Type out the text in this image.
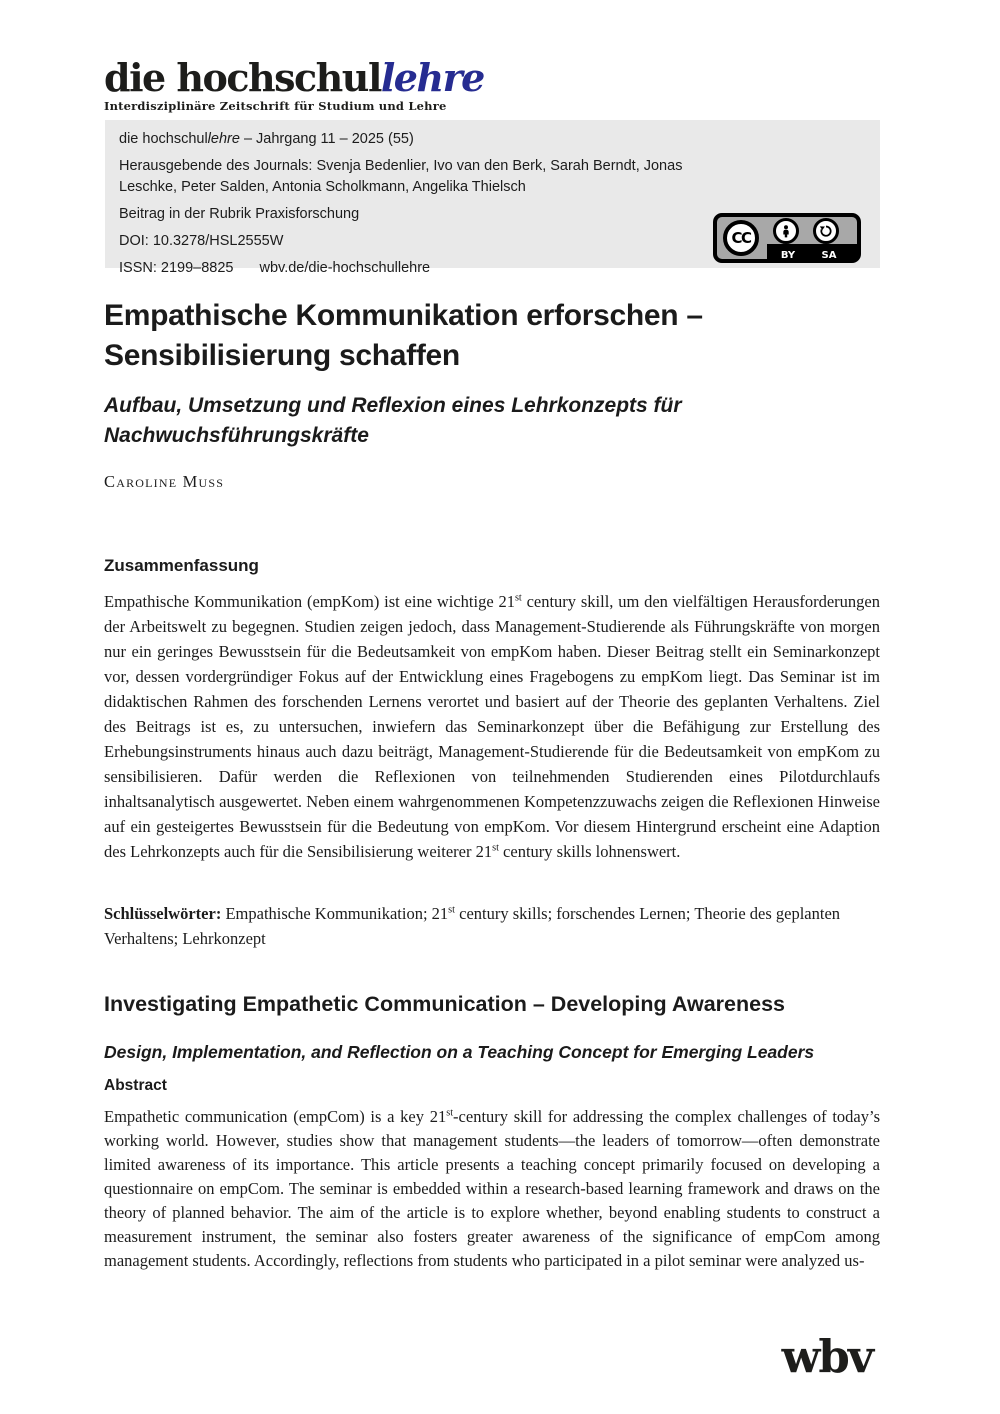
die hochschullehre
Interdisziplinäre Zeitschrift für Studium und Lehre

die hochschullehre – Jahrgang 11 – 2025 (55)

Herausgebende des Journals: Svenja Bedenlier, Ivo van den Berk, Sarah Berndt, Jonas Leschke, Peter Salden, Antonia Scholkmann, Angelika Thielsch

Beitrag in der Rubrik Praxisforschung

DOI: 10.3278/HSL2555W

ISSN: 2199–8825 wbv.de/die-hochschullehre

CC
BY	SA
Empathische Kommunikation erforschen –
Sensibilisierung schaffen
Aufbau, Umsetzung und Reflexion eines Lehrkonzepts für
Nachwuchsführungskräfte
Caroline Muss
Zusammenfassung

Empathische Kommunikation (empKom) ist eine wichtige 21st century skill, um den vielfältigen Herausforderungen der Arbeitswelt zu begegnen. Studien zeigen jedoch, dass Management-Studierende als Führungskräfte von morgen nur ein geringes Bewusstsein für die Bedeutsamkeit von empKom haben. Dieser Beitrag stellt ein Seminarkonzept vor, dessen vordergründiger Fokus auf der Entwicklung eines Fragebogens zu empKom liegt. Das Seminar ist im didaktischen Rahmen des forschenden Lernens verortet und basiert auf der Theorie des geplanten Verhaltens. Ziel des Beitrags ist es, zu untersuchen, inwiefern das Seminarkonzept über die Befähigung zur Erstellung des Erhebungsinstruments hinaus auch dazu beiträgt, Management-Studierende für die Bedeutsamkeit von empKom zu sensibilisieren. Dafür werden die Reflexionen von teilnehmenden Studierenden eines Pilotdurchlaufs inhaltsanalytisch ausgewertet. Neben einem wahrgenommenen Kompetenzzuwachs zeigen die Reflexionen Hinweise auf ein gesteigertes Bewusstsein für die Bedeutung von empKom. Vor diesem Hintergrund erscheint eine Adaption des Lehrkonzepts auch für die Sensibilisierung weiterer 21st century skills lohnenswert.

Schlüsselwörter: Empathische Kommunikation; 21st century skills; forschendes Lernen; Theorie des geplanten Verhaltens; Lehrkonzept

Investigating Empathetic Communication – Developing Awareness
Design, Implementation, and Reflection on a Teaching Concept for Emerging Leaders
Abstract

Empathetic communication (empCom) is a key 21st-century skill for addressing the complex challenges of today’s working world. However, studies show that management students—the leaders of tomorrow—often demonstrate limited awareness of its importance. This article presents a teaching concept primarily focused on developing a questionnaire on empCom. The seminar is embedded within a research-based learning framework and draws on the theory of planned behavior. The aim of the article is to explore whether, beyond enabling students to construct a measurement instrument, the seminar also fosters greater awareness of the significance of empCom among management students. Accordingly, reflections from students who participated in a pilot seminar were analyzed us-

wbv
